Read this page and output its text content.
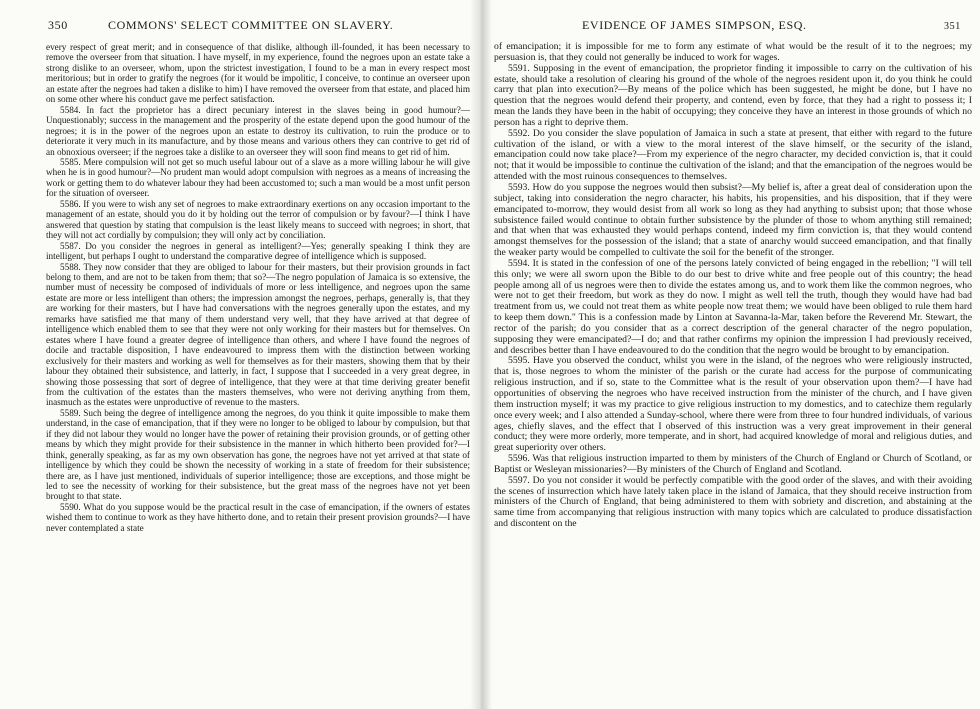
350	COMMONS' SELECT COMMITTEE ON SLAVERY.

every respect of great merit; and in consequence of that dislike, although ill-founded, it has been necessary to remove the overseer from that situation. I have myself, in my experience, found the negroes upon an estate take a strong dislike to an overseer, whom, upon the strictest investigation, I found to be a man in every respect most meritorious; but in order to gratify the negroes (for it would be impolitic, I conceive, to continue an overseer upon an estate after the negroes had taken a dislike to him) I have removed the overseer from that estate, and placed him on some other where his conduct gave me perfect satisfaction.

5584. In fact the proprietor has a direct pecuniary interest in the slaves being in good humour?—Unquestionably; success in the management and the prosperity of the estate depend upon the good humour of the negroes; it is in the power of the negroes upon an estate to destroy its cultivation, to ruin the produce or to deteriorate it very much in its manufacture, and by those means and various others they can contrive to get rid of an obnoxious overseer; if the negroes take a dislike to an overseer they will soon find means to get rid of him.

5585. Mere compulsion will not get so much useful labour out of a slave as a more willing labour he will give when he is in good humour?—No prudent man would adopt compulsion with negroes as a means of increasing the work or getting them to do whatever labour they had been accustomed to; such a man would be a most unfit person for the situation of overseer.

5586. If you were to wish any set of negroes to make extraordinary exertions on any occasion important to the management of an estate, should you do it by holding out the terror of compulsion or by favour?—I think I have answered that question by stating that compulsion is the least likely means to succeed with negroes; in short, that they will not act cordially by compulsion; they will only act by conciliation.

5587. Do you consider the negroes in general as intelligent?—Yes; generally speaking I think they are intelligent, but perhaps I ought to understand the comparative degree of intelligence which is supposed.

5588. They now consider that they are obliged to labour for their masters, but their provision grounds in fact belong to them, and are not to be taken from them; that so?—The negro population of Jamaica is so extensive, the number must of necessity be composed of individuals of more or less intelligence, and negroes upon the same estate are more or less intelligent than others; the impression amongst the negroes, perhaps, generally is, that they are working for their masters, but I have had conversations with the negroes generally upon the estates, and my remarks have satisfied me that many of them understand very well, that they have arrived at that degree of intelligence which enabled them to see that they were not only working for their masters but for themselves. On estates where I have found a greater degree of intelligence than others, and where I have found the negroes of docile and tractable disposition, I have endeavoured to impress them with the distinction between working exclusively for their masters and working as well for themselves as for their masters, showing them that by their labour they obtained their subsistence, and latterly, in fact, I suppose that I succeeded in a very great degree, in showing those possessing that sort of degree of intelligence, that they were at that time deriving greater benefit from the cultivation of the estates than the masters themselves, who were not deriving anything from them, inasmuch as the estates were unproductive of revenue to the masters.

5589. Such being the degree of intelligence among the negroes, do you think it quite impossible to make them understand, in the case of emancipation, that if they were no longer to be obliged to labour by compulsion, but that if they did not labour they would no longer have the power of retaining their provision grounds, or of getting other means by which they might provide for their subsistence in the manner in which hitherto been provided for?—I think, generally speaking, as far as my own observation has gone, the negroes have not yet arrived at that state of intelligence by which they could be shown the necessity of working in a state of freedom for their subsistence; there are, as I have just mentioned, individuals of superior intelligence; those are exceptions, and those might be led to see the necessity of working for their subsistence, but the great mass of the negroes have not yet been brought to that state.

5590. What do you suppose would be the practical result in the case of emancipation, if the owners of estates wished them to continue to work as they have hitherto done, and to retain their present provision grounds?—I have never contemplated a state

EVIDENCE OF JAMES SIMPSON, ESQ.	351

of emancipation; it is impossible for me to form any estimate of what would be the result of it to the negroes; my persuasion is, that they could not generally be induced to work for wages.

5591. Supposing in the event of emancipation, the proprietor finding it impossible to carry on the cultivation of his estate, should take a resolution of clearing his ground of the whole of the negroes resident upon it, do you think he could carry that plan into execution?—By means of the police which has been suggested, he might be done, but I have no question that the negroes would defend their property, and contend, even by force, that they had a right to possess it; I mean the lands they have been in the habit of occupying; they conceive they have an interest in those grounds of which no person has a right to deprive them.

5592. Do you consider the slave population of Jamaica in such a state at present, that either with regard to the future cultivation of the island, or with a view to the moral interest of the slave himself, or the security of the island, emancipation could now take place?—From my experience of the negro character, my decided conviction is, that it could not; that it would be impossible to continue the cultivation of the island; and that the emancipation of the negroes would be attended with the most ruinous consequences to themselves.

5593. How do you suppose the negroes would then subsist?—My belief is, after a great deal of consideration upon the subject, taking into consideration the negro character, his habits, his propensities, and his disposition, that if they were emancipated to-morrow, they would desist from all work so long as they had anything to subsist upon; that those whose subsistence failed would continue to obtain further subsistence by the plunder of those to whom anything still remained; and that when that was exhausted they would perhaps contend, indeed my firm conviction is, that they would contend amongst themselves for the possession of the island; that a state of anarchy would succeed emancipation, and that finally the weaker party would be compelled to cultivate the soil for the benefit of the stronger.

5594. It is stated in the confession of one of the persons lately convicted of being engaged in the rebellion; "I will tell this only; we were all sworn upon the Bible to do our best to drive white and free people out of this country; the head people among all of us negroes were then to divide the estates among us, and to work them like the common negroes, who were not to get their freedom, but work as they do now. I might as well tell the truth, though they would have had bad treatment from us, we could not treat them as white people now treat them; we would have been obliged to rule them hard to keep them down." This is a confession made by Linton at Savanna-la-Mar, taken before the Reverend Mr. Stewart, the rector of the parish; do you consider that as a correct description of the general character of the negro population, supposing they were emancipated?—I do; and that rather confirms my opinion the impression I had previously received, and describes better than I have endeavoured to do the condition that the negro would be brought to by emancipation.

5595. Have you observed the conduct, whilst you were in the island, of the negroes who were religiously instructed, that is, those negroes to whom the minister of the parish or the curate had access for the purpose of communicating religious instruction, and if so, state to the Committee what is the result of your observation upon them?—I have had opportunities of observing the negroes who have received instruction from the minister of the church, and I have given them instruction myself; it was my practice to give religious instruction to my domestics, and to catechize them regularly once every week; and I also attended a Sunday-school, where there were from three to four hundred individuals, of various ages, chiefly slaves, and the effect that I observed of this instruction was a very great improvement in their general conduct; they were more orderly, more temperate, and in short, had acquired knowledge of moral and religious duties, and great superiority over others.

5596. Was that religious instruction imparted to them by ministers of the Church of England or Church of Scotland, or Baptist or Wesleyan missionaries?—By ministers of the Church of England and Scotland.

5597. Do you not consider it would be perfectly compatible with the good order of the slaves, and with their avoiding the scenes of insurrection which have lately taken place in the island of Jamaica, that they should receive instruction from ministers of the Church of England, that being administered to them with sobriety and discretion, and abstaining at the same time from accompanying that religious instruction with many topics which are calculated to produce dissatisfaction and discontent on the
